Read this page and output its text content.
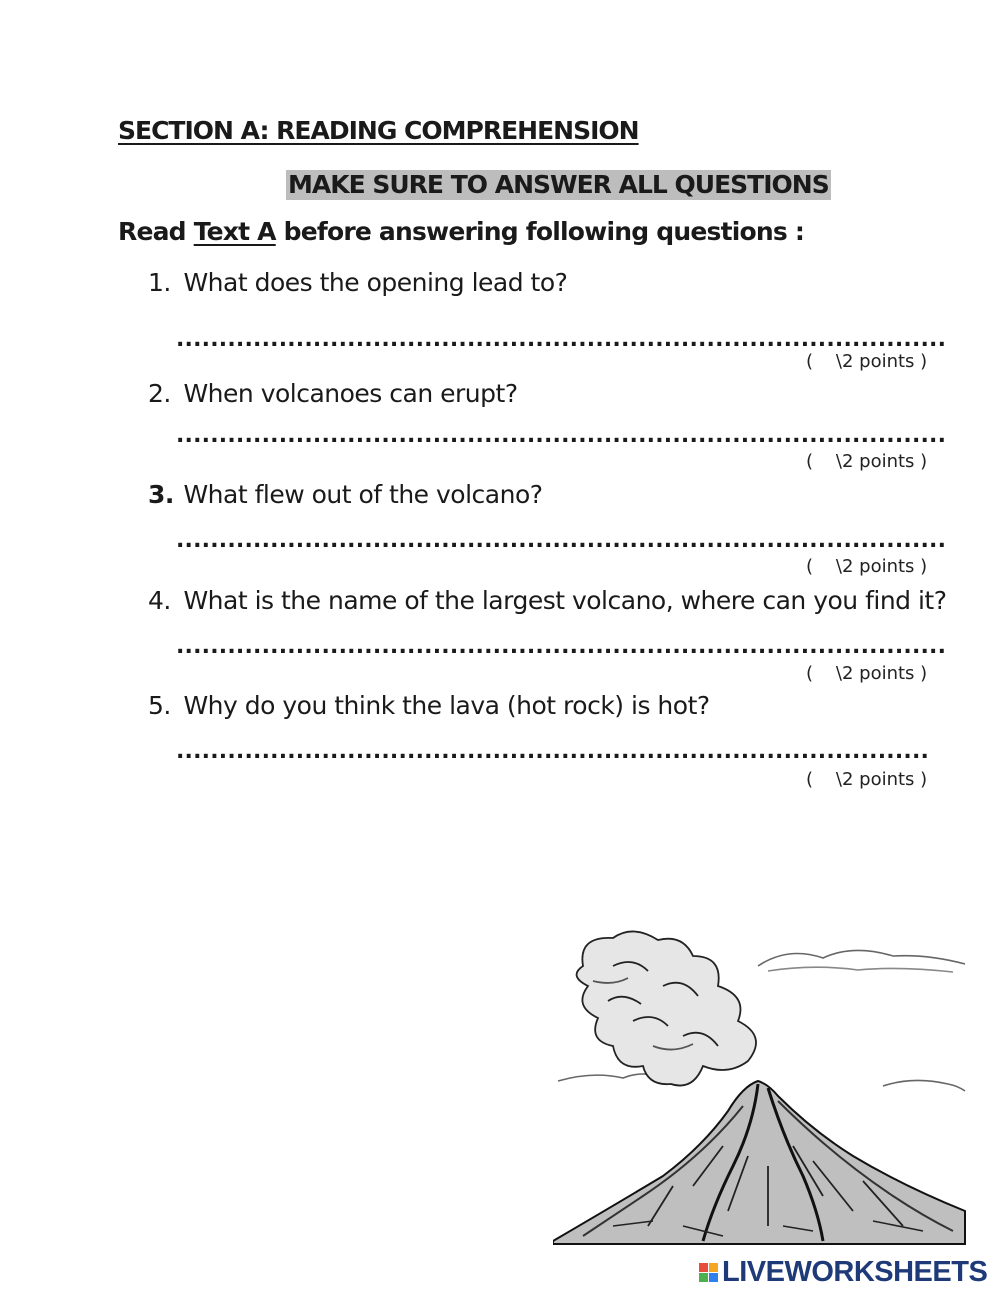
SECTION A: READING COMPREHENSION
MAKE SURE TO ANSWER ALL QUESTIONS
Read Text A before answering following questions :
1. What does the opening lead to?
..........................................................................................
(    \2 points )
2. When volcanoes can erupt?
..........................................................................................
(    \2 points )
3. What flew out of the volcano?
..........................................................................................
(    \2 points )
4. What is the name of the largest volcano, where can you find it?
..........................................................................................
(    \2 points )
5. Why do you think the lava (hot rock) is hot?
........................................................................................
(    \2 points )
LIVEWORKSHEETS
